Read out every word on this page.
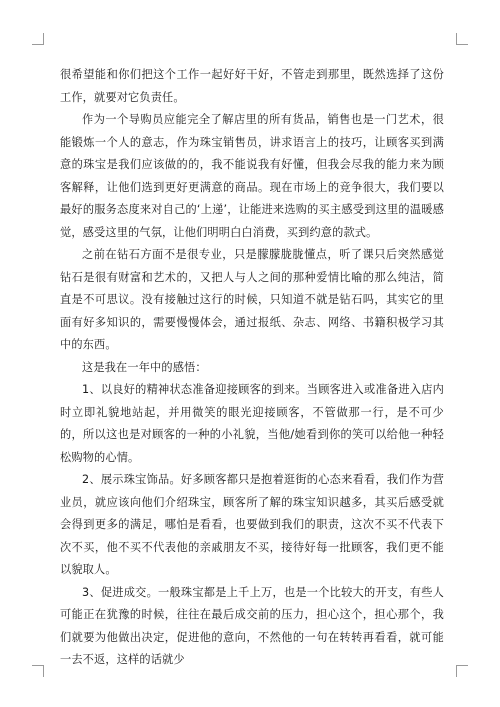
很希望能和你们把这个工作一起好好干好，不管走到那里，既然选择了这份工作，就要对它负责任。

作为一个导购员应能完全了解店里的所有货品，销售也是一门艺术，很能锻炼一个人的意志，作为珠宝销售员，讲求语言上的技巧，让顾客买到满意的珠宝是我们应该做的的，我不能说我有好懂，但我会尽我的能力来为顾客解释，让他们选到更好更满意的商品。现在市场上的竞争很大，我们要以最好的服务态度来对自己的‘上递’，让能进来选购的买主感受到这里的温暖感觉，感受这里的气氛，让他们明明白白消费，买到约意的款式。

之前在钻石方面不是很专业，只是朦朦胧胧懂点，听了课只后突然感觉钻石是很有财富和艺术的，又把人与人之间的那种爱情比喻的那么纯洁，简直是不可思议。没有接触过这行的时候，只知道不就是钻石吗，其实它的里面有好多知识的，需要慢慢体会，通过报纸、杂志、网络、书籍积极学习其中的东西。

这是我在一年中的感悟：

1、以良好的精神状态准备迎接顾客的到来。当顾客进入或准备进入店内时立即礼貌地站起，并用微笑的眼光迎接顾客，不管做那一行，是不可少的，所以这也是对顾客的一种的小礼貌，当他/她看到你的笑可以给他一种轻松购物的心情。

2、展示珠宝饰品。好多顾客都只是抱着逛街的心态来看看，我们作为营业员，就应该向他们介绍珠宝，顾客所了解的珠宝知识越多，其买后感受就会得到更多的满足，哪怕是看看，也要做到我们的职责，这次不买不代表下次不买，他不买不代表他的亲戚朋友不买，接待好每一批顾客，我们更不能以貌取人。

3、促进成交。一般珠宝都是上千上万，也是一个比较大的开支，有些人可能正在犹豫的时候，往往在最后成交前的压力，担心这个，担心那个，我们就要为他做出决定，促进他的意向，不然他的一句在转转再看看，就可能一去不返，这样的话就少
